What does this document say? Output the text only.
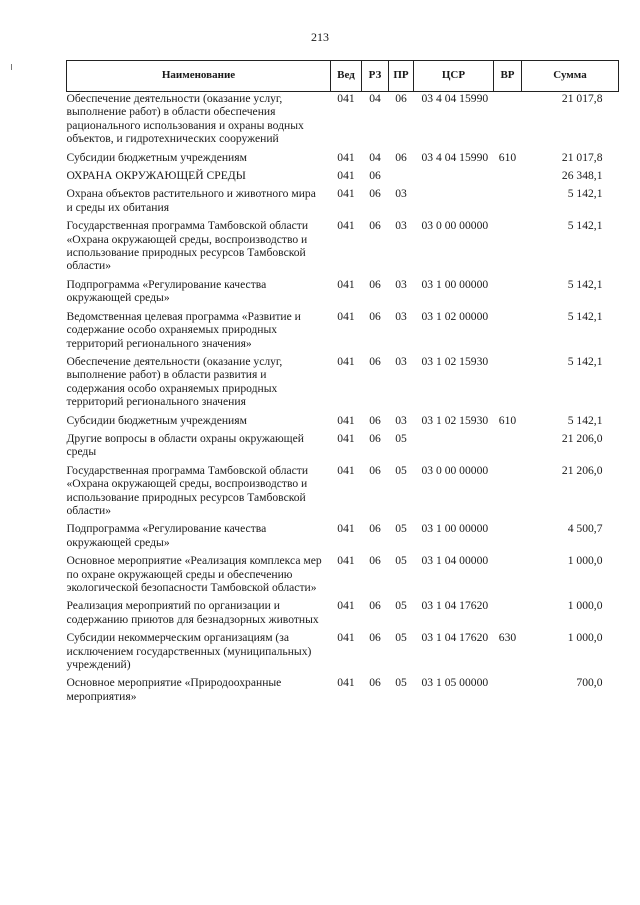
213
Наименование	Вед	РЗ	ПР	ЦСР	ВР	Сумма
Обеспечение деятельности (оказание услуг, выполнение работ) в области обеспечения рационального использования и охраны водных объектов, и гидротехнических сооружений	041	04	06	03 4 04 15990		21 017,8
Субсидии бюджетным учреждениям	041	04	06	03 4 04 15990	610	21 017,8
ОХРАНА ОКРУЖАЮЩЕЙ СРЕДЫ	041	06				26 348,1
Охрана объектов растительного и животного мира и среды их обитания	041	06	03			5 142,1
Государственная программа Тамбовской области «Охрана окружающей среды, воспроизводство и использование природных ресурсов Тамбовской области»	041	06	03	03 0 00 00000		5 142,1
Подпрограмма «Регулирование качества окружающей среды»	041	06	03	03 1 00 00000		5 142,1
Ведомственная целевая программа «Развитие и содержание особо охраняемых природных территорий регионального значения»	041	06	03	03 1 02 00000		5 142,1
Обеспечение деятельности (оказание услуг, выполнение работ) в области развития и содержания особо охраняемых природных территорий регионального значения	041	06	03	03 1 02 15930		5 142,1
Субсидии бюджетным учреждениям	041	06	03	03 1 02 15930	610	5 142,1
Другие вопросы в области охраны окружающей среды	041	06	05			21 206,0
Государственная программа Тамбовской области «Охрана окружающей среды, воспроизводство и использование природных ресурсов Тамбовской области»	041	06	05	03 0 00 00000		21 206,0
Подпрограмма «Регулирование качества окружающей среды»	041	06	05	03 1 00 00000		4 500,7
Основное мероприятие «Реализация комплекса мер по охране окружающей среды и обеспечению экологической безопасности Тамбовской области»	041	06	05	03 1 04 00000		1 000,0
Реализация мероприятий по организации и содержанию приютов для безнадзорных животных	041	06	05	03 1 04 17620		1 000,0
Субсидии некоммерческим организациям (за исключением государственных (муниципальных) учреждений)	041	06	05	03 1 04 17620	630	1 000,0
Основное мероприятие «Природоохранные мероприятия»	041	06	05	03 1 05 00000		700,0
